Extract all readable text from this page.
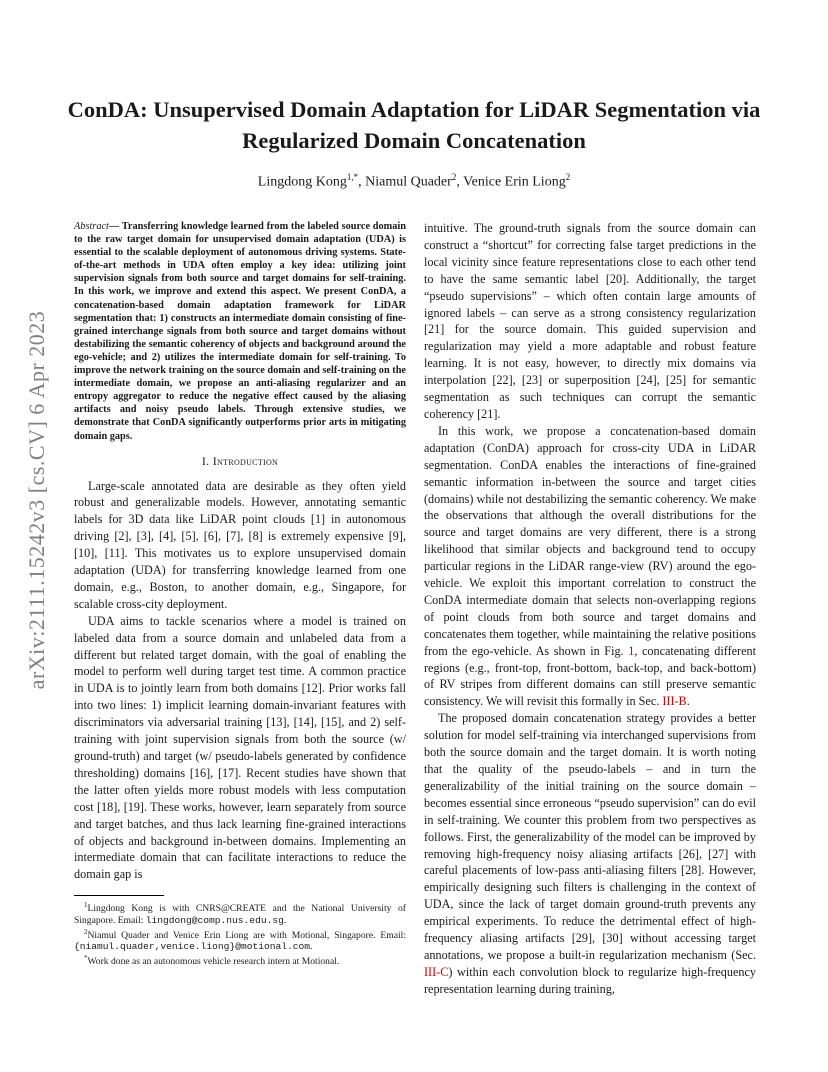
arXiv:2111.15242v3 [cs.CV] 6 Apr 2023
ConDA: Unsupervised Domain Adaptation for LiDAR Segmentation via Regularized Domain Concatenation
Lingdong Kong$^{1,*}$, Niamul Quader$^2$, Venice Erin Liong$^2$
Abstract— Transferring knowledge learned from the labeled source domain to the raw target domain for unsupervised domain adaptation (UDA) is essential to the scalable deployment of autonomous driving systems. State-of-the-art methods in UDA often employ a key idea: utilizing joint supervision signals from both source and target domains for self-training. In this work, we improve and extend this aspect. We present ConDA, a concatenation-based domain adaptation framework for LiDAR segmentation that: 1) constructs an intermediate domain consisting of fine-grained interchange signals from both source and target domains without destabilizing the semantic coherency of objects and background around the ego-vehicle; and 2) utilizes the intermediate domain for self-training. To improve the network training on the source domain and self-training on the intermediate domain, we propose an anti-aliasing regularizer and an entropy aggregator to reduce the negative effect caused by the aliasing artifacts and noisy pseudo labels. Through extensive studies, we demonstrate that ConDA significantly outperforms prior arts in mitigating domain gaps.
I. Introduction

Large-scale annotated data are desirable as they often yield robust and generalizable models. However, annotating semantic labels for 3D data like LiDAR point clouds [1] in autonomous driving [2], [3], [4], [5], [6], [7], [8] is extremely expensive [9], [10], [11]. This motivates us to explore unsupervised domain adaptation (UDA) for transferring knowledge learned from one domain, e.g., Boston, to another domain, e.g., Singapore, for scalable cross-city deployment.

UDA aims to tackle scenarios where a model is trained on labeled data from a source domain and unlabeled data from a different but related target domain, with the goal of enabling the model to perform well during target test time. A common practice in UDA is to jointly learn from both domains [12]. Prior works fall into two lines: 1) implicit learning domain-invariant features with discriminators via adversarial training [13], [14], [15], and 2) self-training with joint supervision signals from both the source (w/ ground-truth) and target (w/ pseudo-labels generated by confidence thresholding) domains [16], [17]. Recent studies have shown that the latter often yields more robust models with less computation cost [18], [19]. These works, however, learn separately from source and target batches, and thus lack learning fine-grained interactions of objects and background in-between domains. Implementing an intermediate domain that can facilitate interactions to reduce the domain gap is

$^1$Lingdong Kong is with CNRS@CREATE and the National University of Singapore. Email: lingdong@comp.nus.edu.sg.

$^2$Niamul Quader and Venice Erin Liong are with Motional, Singapore. Email: {niamul.quader,venice.liong}@motional.com.

*Work done as an autonomous vehicle research intern at Motional.

intuitive. The ground-truth signals from the source domain can construct a “shortcut” for correcting false target predictions in the local vicinity since feature representations close to each other tend to have the same semantic label [20]. Additionally, the target “pseudo supervisions” – which often contain large amounts of ignored labels – can serve as a strong consistency regularization [21] for the source domain. This guided supervision and regularization may yield a more adaptable and robust feature learning. It is not easy, however, to directly mix domains via interpolation [22], [23] or superposition [24], [25] for semantic segmentation as such techniques can corrupt the semantic coherency [21].

In this work, we propose a concatenation-based domain adaptation (ConDA) approach for cross-city UDA in LiDAR segmentation. ConDA enables the interactions of fine-grained semantic information in-between the source and target cities (domains) while not destabilizing the semantic coherency. We make the observations that although the overall distributions for the source and target domains are very different, there is a strong likelihood that similar objects and background tend to occupy particular regions in the LiDAR range-view (RV) around the ego-vehicle. We exploit this important correlation to construct the ConDA intermediate domain that selects non-overlapping regions of point clouds from both source and target domains and concatenates them together, while maintaining the relative positions from the ego-vehicle. As shown in Fig. 1, concatenating different regions (e.g., front-top, front-bottom, back-top, and back-bottom) of RV stripes from different domains can still preserve semantic consistency. We will revisit this formally in Sec. III-B.

The proposed domain concatenation strategy provides a better solution for model self-training via interchanged supervisions from both the source domain and the target domain. It is worth noting that the quality of the pseudo-labels – and in turn the generalizability of the initial training on the source domain – becomes essential since erroneous “pseudo supervision” can do evil in self-training. We counter this problem from two perspectives as follows. First, the generalizability of the model can be improved by removing high-frequency noisy aliasing artifacts [26], [27] with careful placements of low-pass anti-aliasing filters [28]. However, empirically designing such filters is challenging in the context of UDA, since the lack of target domain ground-truth prevents any empirical experiments. To reduce the detrimental effect of high-frequency aliasing artifacts [29], [30] without accessing target annotations, we propose a built-in regularization mechanism (Sec. III-C) within each convolution block to regularize high-frequency representation learning during training,
